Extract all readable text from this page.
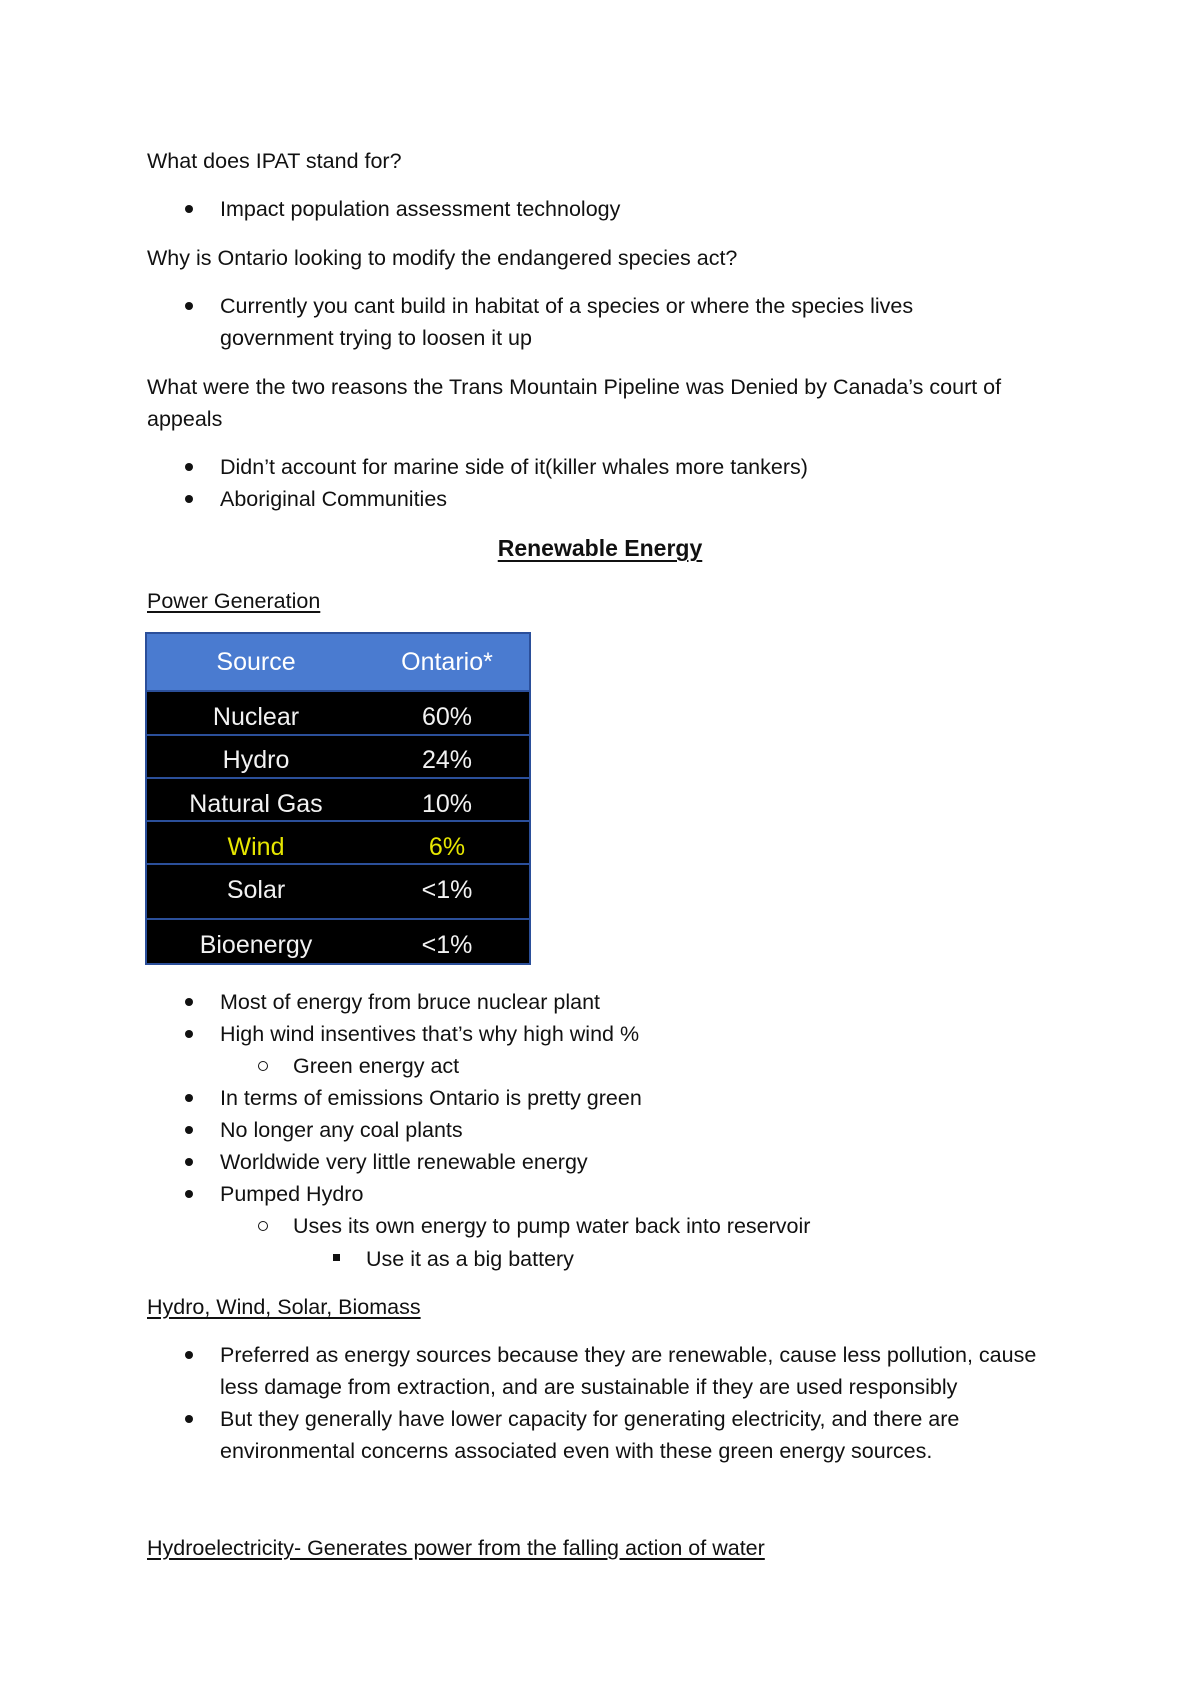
What does IPAT stand for?
Impact population assessment technology
Why is Ontario looking to modify the endangered species act?
Currently you cant build in habitat of a species or where the species lives
government trying to loosen it up
What were the two reasons the Trans Mountain Pipeline was Denied by Canada’s court of
appeals
Didn’t account for marine side of it(killer whales more tankers)
Aboriginal Communities
Renewable Energy
Power Generation
Source	Ontario*
Nuclear	60%
Hydro	24%
Natural Gas	10%
Wind	6%
Solar	<1%
Bioenergy	<1%
Most of energy from bruce nuclear plant
High wind insentives that’s why high wind %
Green energy act
In terms of emissions Ontario is pretty green
No longer any coal plants
Worldwide very little renewable energy
Pumped Hydro
Uses its own energy to pump water back into reservoir
Use it as a big battery
Hydro, Wind, Solar, Biomass
Preferred as energy sources because they are renewable, cause less pollution, cause
less damage from extraction, and are sustainable if they are used responsibly
But they generally have lower capacity for generating electricity, and there are
environmental concerns associated even with these green energy sources.
Hydroelectricity- Generates power from the falling action of water
